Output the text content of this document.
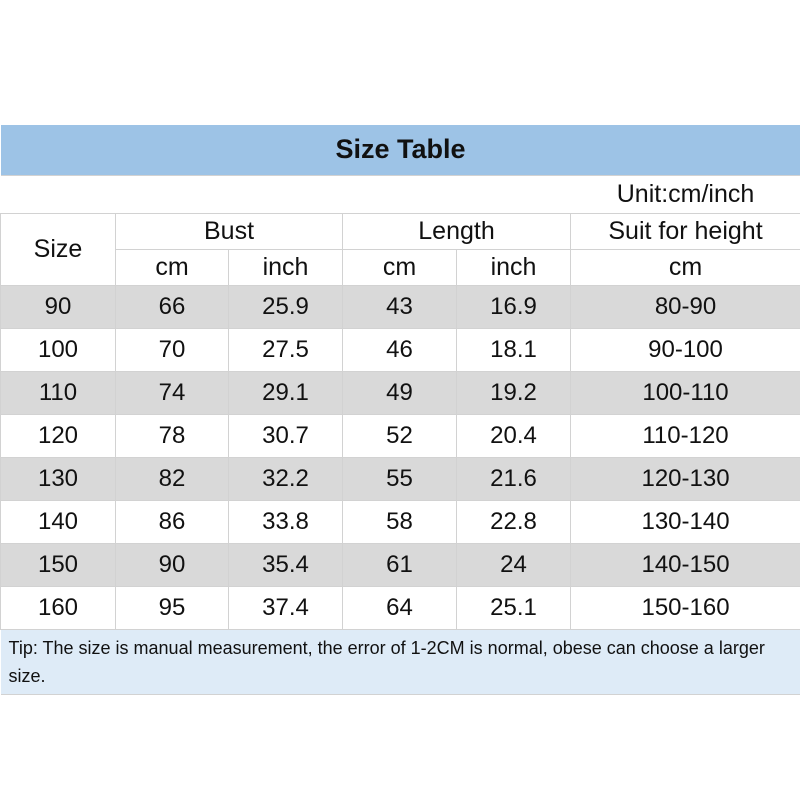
Size Table					
					Unit:cm/inch
Size	Bust		Length		Suit for height
	cm	inch	cm	inch	cm
90	66	25.9	43	16.9	80-90
100	70	27.5	46	18.1	90-100
110	74	29.1	49	19.2	100-110
120	78	30.7	52	20.4	110-120
130	82	32.2	55	21.6	120-130
140	86	33.8	58	22.8	130-140
150	90	35.4	61	24	140-150
160	95	37.4	64	25.1	150-160
Tip: The size is manual measurement, the error of 1-2CM is normal, obese can choose a larger size.					
